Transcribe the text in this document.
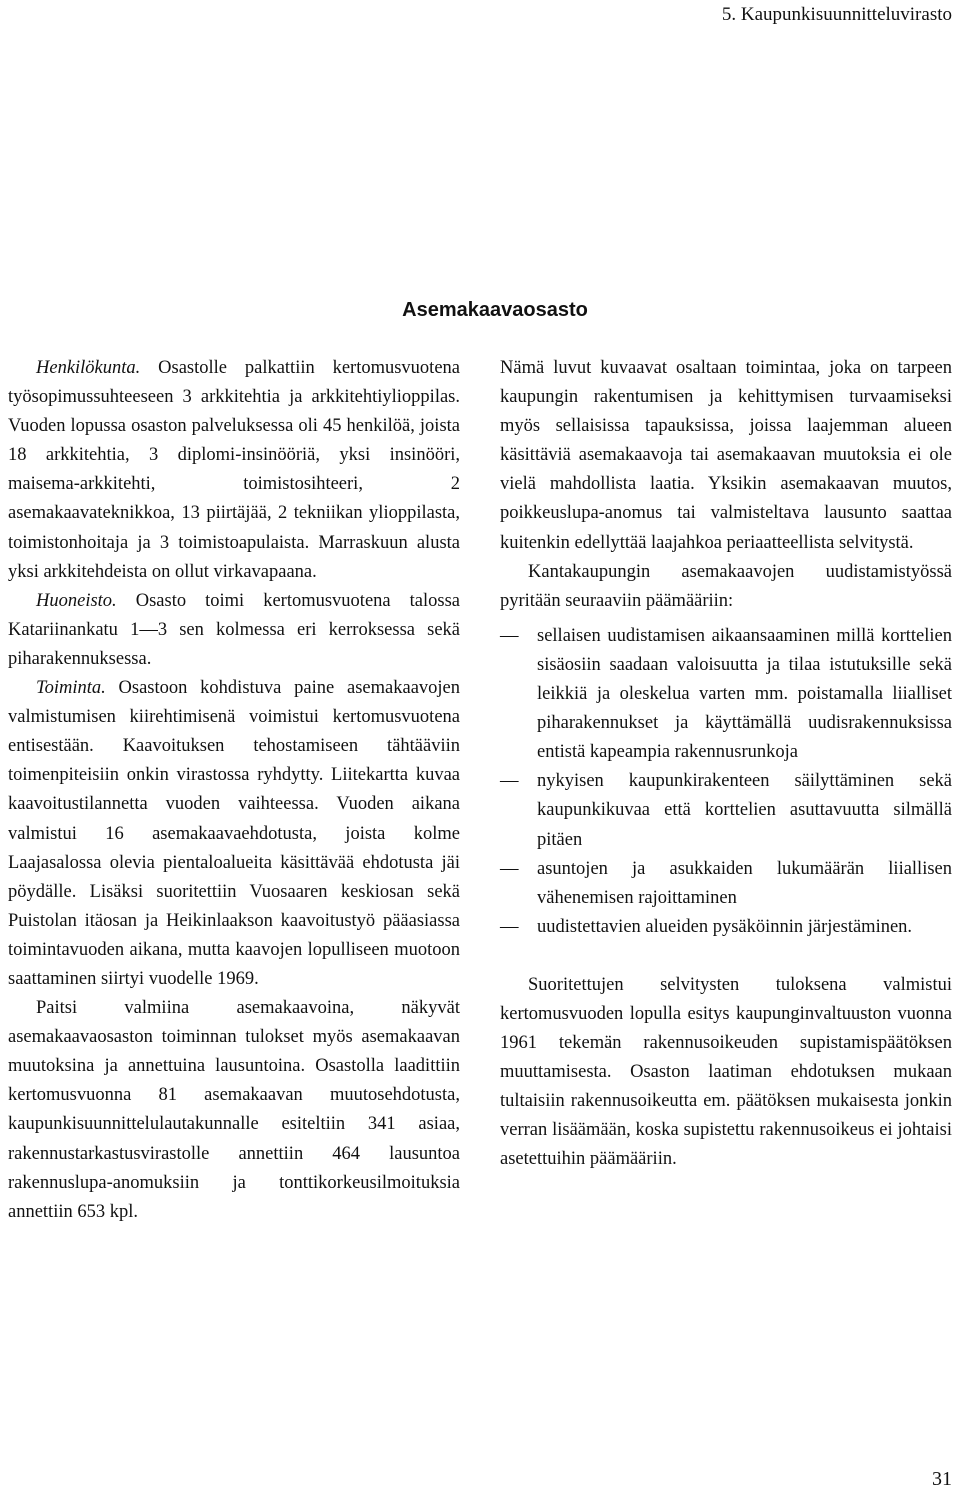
5. Kaupunkisuunnitteluvirasto
Asemakaavaosasto

Henkilökunta. Osastolle palkattiin kertomusvuotena työsopimussuhteeseen 3 arkkitehtia ja arkkitehtiylioppilas. Vuoden lopussa osaston palveluksessa oli 45 henkilöä, joista 18 arkkitehtia, 3 diplomi-insinööriä, yksi insinööri, maisema-arkkitehti, toimistosihteeri, 2 asemakaavateknikkoa, 13 piirtäjää, 2 tekniikan ylioppilasta, toimistonhoitaja ja 3 toimistoapulaista. Marraskuun alusta yksi arkkitehdeista on ollut virkavapaana.

Huoneisto. Osasto toimi kertomusvuotena talossa Katariinankatu 1—3 sen kolmessa eri kerroksessa sekä piharakennuksessa.

Toiminta. Osastoon kohdistuva paine asemakaavojen valmistumisen kiirehtimisenä voimistui kertomusvuotena entisestään. Kaavoituksen tehostamiseen tähtääviin toimenpiteisiin onkin virastossa ryhdytty. Liitekartta kuvaa kaavoitustilannetta vuoden vaihteessa. Vuoden aikana valmistui 16 asemakaavaehdotusta, joista kolme Laajasalossa olevia pientaloalueita käsittävää ehdotusta jäi pöydälle. Lisäksi suoritettiin Vuosaaren keskiosan sekä Puistolan itäosan ja Heikinlaakson kaavoitustyö pääasiassa toimintavuoden aikana, mutta kaavojen lopulliseen muotoon saattaminen siirtyi vuodelle 1969.

Paitsi valmiina asemakaavoina, näkyvät asemakaavaosaston toiminnan tulokset myös asemakaavan muutoksina ja annettuina lausuntoina. Osastolla laadittiin kertomusvuonna 81 asemakaavan muutosehdotusta, kaupunkisuunnittelulautakunnalle esiteltiin 341 asiaa, rakennustarkastusvirastolle annettiin 464 lausuntoa rakennuslupa-anomuksiin ja tonttikorkeusilmoituksia annettiin 653 kpl.

Nämä luvut kuvaavat osaltaan toimintaa, joka on tarpeen kaupungin rakentumisen ja kehittymisen turvaamiseksi myös sellaisissa tapauksissa, joissa laajemman alueen käsittäviä asemakaavoja tai asemakaavan muutoksia ei ole vielä mahdollista laatia. Yksikin asemakaavan muutos, poikkeuslupa-anomus tai valmisteltava lausunto saattaa kuitenkin edellyttää laajahkoa periaatteellista selvitystä.

Kantakaupungin asemakaavojen uudistamistyössä pyritään seuraaviin päämääriin:

— sellaisen uudistamisen aikaansaaminen millä korttelien sisäosiin saadaan valoisuutta ja tilaa istutuksille sekä leikkiä ja oleskelua varten mm. poistamalla liialliset piharakennukset ja käyttämällä uudisrakennuksissa entistä kapeampia rakennusrunkoja
— nykyisen kaupunkirakenteen säilyttäminen sekä kaupunkikuvaa että korttelien asuttavuutta silmällä pitäen
— asuntojen ja asukkaiden lukumäärän liiallisen vähenemisen rajoittaminen
— uudistettavien alueiden pysäköinnin järjestäminen.

Suoritettujen selvitysten tuloksena valmistui kertomusvuoden lopulla esitys kaupunginvaltuuston vuonna 1961 tekemän rakennusoikeuden supistamispäätöksen muuttamisesta. Osaston laatiman ehdotuksen mukaan tultaisiin rakennusoikeutta em. päätöksen mukaisesta jonkin verran lisäämään, koska supistettu rakennusoikeus ei johtaisi asetettuihin päämääriin.

31
